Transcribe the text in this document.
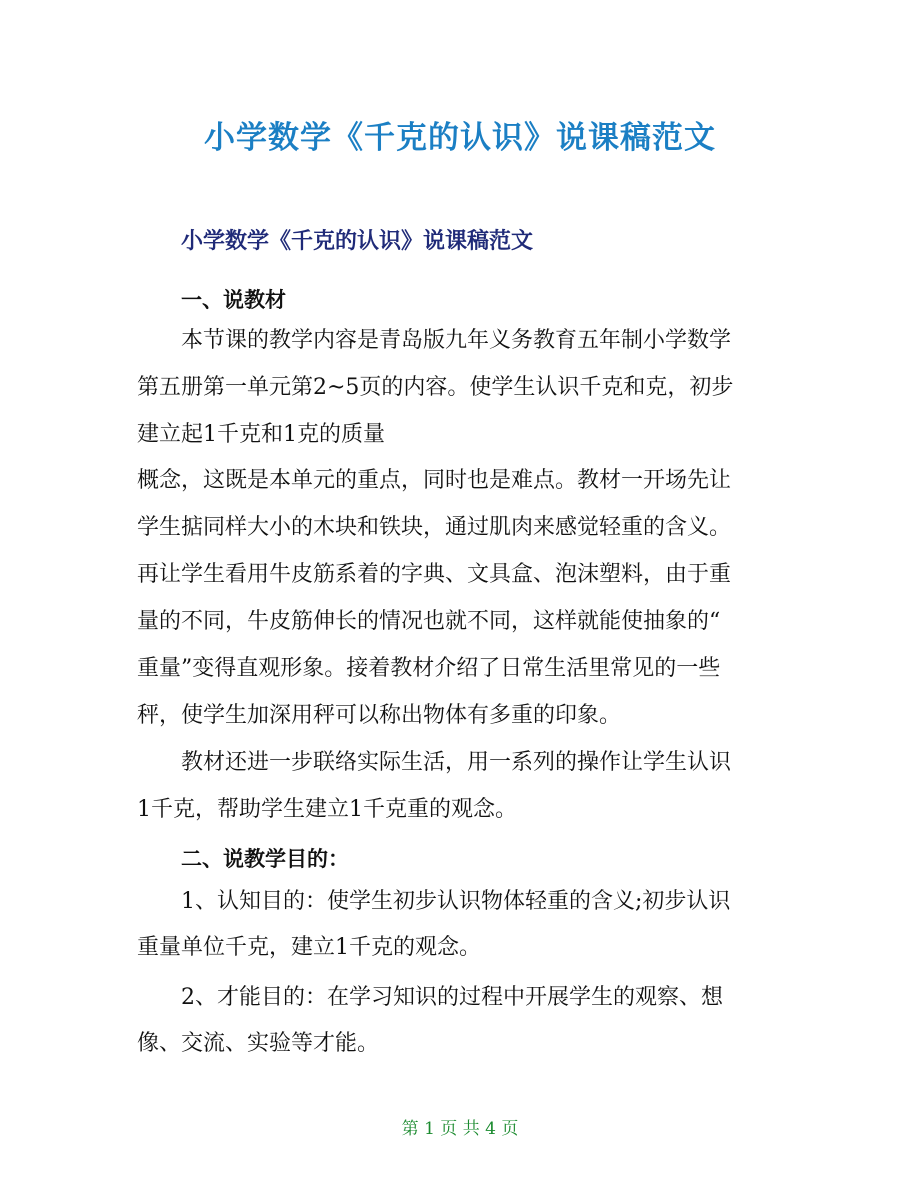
小学数学《千克的认识》说课稿范文
小学数学《千克的认识》说课稿范文
一、说教材
本节课的教学内容是青岛版九年义务教育五年制小学数学
第五册第一单元第2~5页的内容。使学生认识千克和克，初步
建立起1千克和1克的质量
概念，这既是本单元的重点，同时也是难点。教材一开场先让
学生掂同样大小的木块和铁块，通过肌肉来感觉轻重的含义。
再让学生看用牛皮筋系着的字典、文具盒、泡沫塑料，由于重
量的不同，牛皮筋伸长的情况也就不同，这样就能使抽象的“
重量”变得直观形象。接着教材介绍了日常生活里常见的一些
秤，使学生加深用秤可以称出物体有多重的印象。
教材还进一步联络实际生活，用一系列的操作让学生认识
1千克，帮助学生建立1千克重的观念。
二、说教学目的：
1、认知目的：使学生初步认识物体轻重的含义;初步认识
重量单位千克，建立1千克的观念。
2、才能目的：在学习知识的过程中开展学生的观察、想
像、交流、实验等才能。
第 1 页 共 4 页
